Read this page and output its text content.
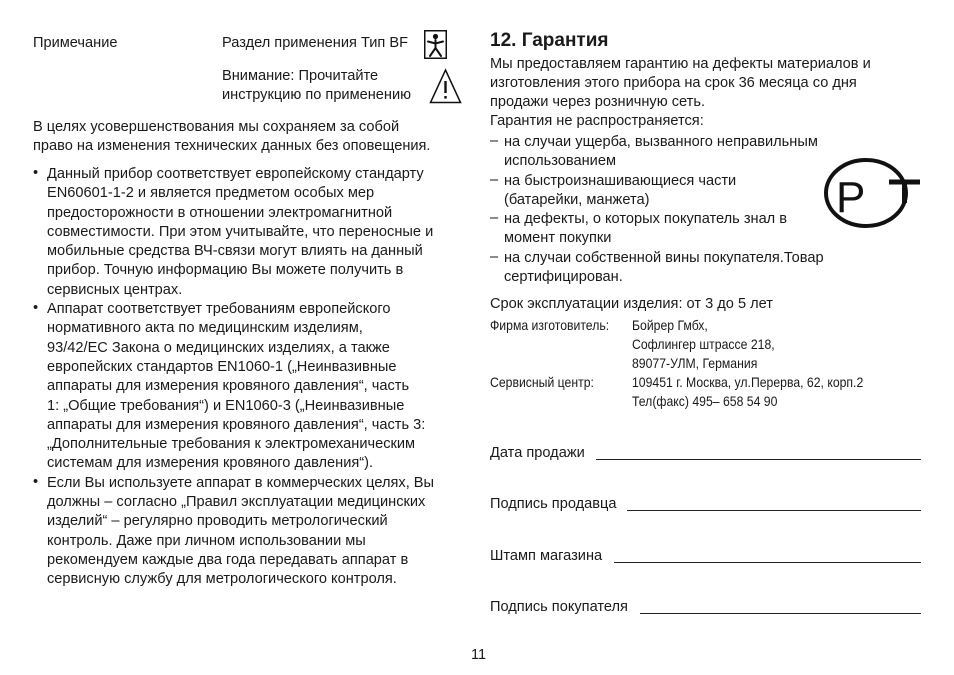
Примечание	Раздел применения Тип BF
Внимание: Прочитайте
инструкцию по применению
В целях усовершенствования мы сохраняем за собой
право на изменения технических данных без оповещения.
• Данный прибор соответствует европейскому стандарту
EN60601-1-2 и является предметом особых мер
предосторожности в отношении электромагнитной
совместимости. При этом учитывайте, что переносные и
мобильные средства ВЧ-связи могут влиять на данный
прибор. Точную информацию Вы можете получить в
сервисных центрах.
• Аппарат соответствует требованиям европейского
нормативного акта по медицинским изделиям,
93/42/ЕС Закона о медицинских изделиях, а также
европейских стандартов EN1060-1 („Неинвазивные
аппараты для измерения кровяного давления“, часть
1: „Общие требования“) и EN1060-3 („Неинвазивные
аппараты для измерения кровяного давления“, часть 3:
„Дополнительные требования к электромеханическим
системам для измерения кровяного давления“).
• Если Вы используете аппарат в коммерческих целях, Вы
должны – согласно „Правил эксплуатации медицинских
изделий“ – регулярно проводить метрологический
контроль. Даже при личном использовании мы
рекомендуем каждые два года передавать аппарат в
сервисную службу для метрологического контроля.
12. Гарантия
Мы предоставляем гарантию на дефекты материалов и
изготовления этого прибора на срок 36 месяца со дня
продажи через розничную сеть.
Гарантия не распространяется:
– на случаи ущерба, вызванного неправильным
использованием
– на быстроизнашивающиеся части
(батарейки, манжета)
– на дефекты, о которых покупатель знал в
момент покупки
– на случаи собственной вины покупателя.Товар
сертифицирован.
Р
Срок эксплуатации изделия: от 3 до 5 лет
Фирма изготовитель: Бойрер Гмбх,
Софлингер штрассе 218,
89077-УЛМ, Германия
Сервисный центр:	109451 г. Москва, ул.Перерва, 62, корп.2
Тел(факс) 495– 658 54 90
Дата продажи
Подпись продавца
Штамп магазина
Подпись покупателя
11
